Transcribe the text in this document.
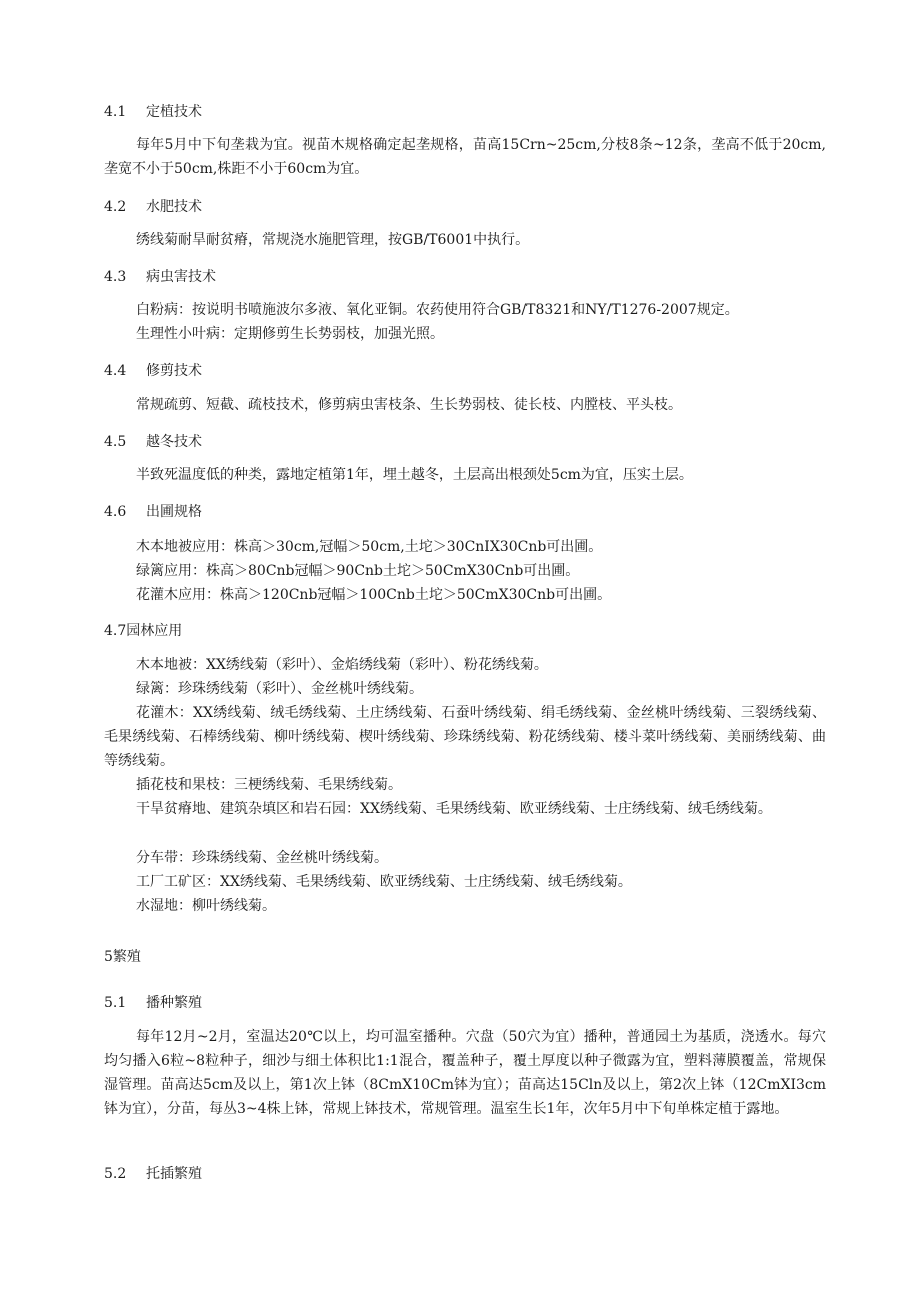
4.1 定植技术
每年5月中下旬垄栽为宜。视苗木规格确定起垄规格，苗高15Crn~25cm,分枝8条~12条，垄高不低于20cm,垄宽不小于50cm,株距不小于60cm为宜。
4.2 水肥技术
绣线菊耐旱耐贫瘠，常规浇水施肥管理，按GB/T6001中执行。
4.3 病虫害技术
白粉病：按说明书喷施波尔多液、氧化亚铜。农药使用符合GB/T8321和NY/T1276-2007规定。
生理性小叶病：定期修剪生长势弱枝，加强光照。
4.4 修剪技术
常规疏剪、短截、疏枝技术，修剪病虫害枝条、生长势弱枝、徒长枝、内膛枝、平头枝。
4.5 越冬技术
半致死温度低的种类，露地定植第1年，埋土越冬，土层高出根颈处5cm为宜，压实土层。
4.6 出圃规格
木本地被应用：株高＞30cm,冠幅＞50cm,土坨＞30CnIX30Cnb可出圃。
绿篱应用：株高＞80Cnb冠幅＞90Cnb土坨＞50CmX30Cnb可出圃。
花灌木应用：株高＞120Cnb冠幅＞100Cnb土坨＞50CmX30Cnb可出圃。
4.7园林应用
木本地被：XX绣线菊（彩叶）、金焰绣线菊（彩叶）、粉花绣线菊。
绿篱：珍珠绣线菊（彩叶）、金丝桃叶绣线菊。
花灌木：XX绣线菊、绒毛绣线菊、土庄绣线菊、石蚕叶绣线菊、绢毛绣线菊、金丝桃叶绣线菊、三裂绣线菊、毛果绣线菊、石棒绣线菊、柳叶绣线菊、楔叶绣线菊、珍珠绣线菊、粉花绣线菊、楼斗菜叶绣线菊、美丽绣线菊、曲等绣线菊。
插花枝和果枝：三梗绣线菊、毛果绣线菊。
干旱贫瘠地、建筑杂填区和岩石园：XX绣线菊、毛果绣线菊、欧亚绣线菊、士庄绣线菊、绒毛绣线菊。
分车带：珍珠绣线菊、金丝桃叶绣线菊。
工厂工矿区：XX绣线菊、毛果绣线菊、欧亚绣线菊、士庄绣线菊、绒毛绣线菊。
水湿地：柳叶绣线菊。
5繁殖
5.1 播种繁殖
每年12月~2月，室温达20℃以上，均可温室播种。穴盘（50穴为宜）播种，普通园土为基质，浇透水。每穴均匀播入6粒~8粒种子，细沙与细土体积比1:1混合，覆盖种子，覆土厚度以种子微露为宜，塑料薄膜覆盖，常规保湿管理。苗高达5cm及以上，第1次上钵（8CmX10Cm钵为宜）；苗高达15Cln及以上，第2次上钵（12CmXI3cm钵为宜），分苗，每丛3~4株上钵，常规上钵技术，常规管理。温室生长1年，次年5月中下旬单株定植于露地。
5.2 托插繁殖
